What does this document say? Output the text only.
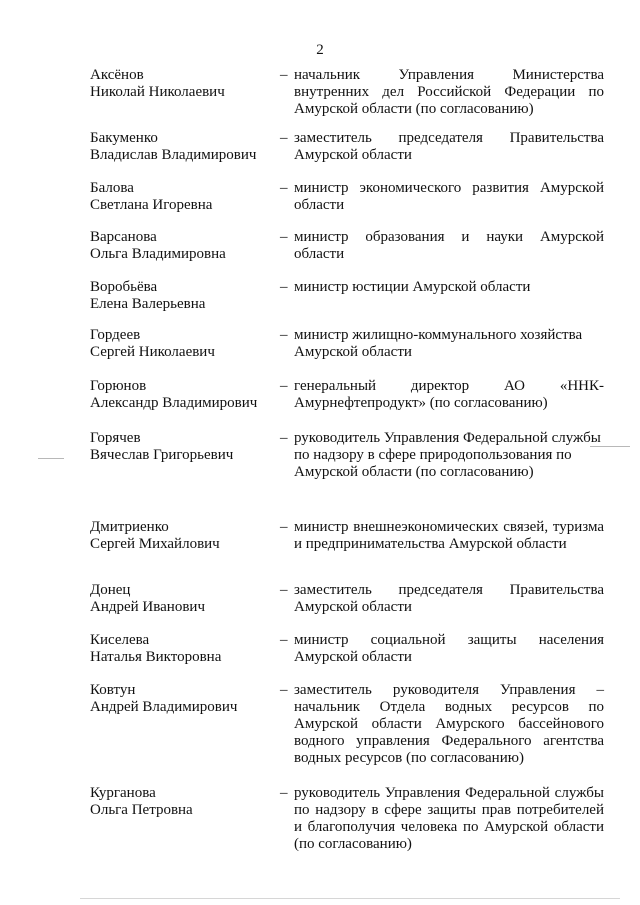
2
Аксёнов
Николай Николаевич
– начальник Управления Министерства внутренних дел Российской Федерации по Амурской области (по согласованию)
Бакуменко
Владислав Владимирович
– заместитель председателя Правительства Амурской области
Балова
Светлана Игоревна
– министр экономического развития Амурской области
Варсанова
Ольга Владимировна
– министр образования и науки Амурской области
Воробьёва
Елена Валерьевна
– министр юстиции Амурской области
Гордеев
Сергей Николаевич
– министр жилищно-коммунального хозяйства Амурской области
Горюнов
Александр Владимирович
– генеральный директор АО «ННК-Амурнефтепродукт» (по согласованию)
Горячев
Вячеслав Григорьевич
– руководитель Управления Федеральной службы по надзору в сфере природопользования по Амурской области (по согласованию)
Дмитриенко
Сергей Михайлович
– министр внешнеэкономических связей, туризма и предпринимательства Амурской области
Донец
Андрей Иванович
– заместитель председателя Правительства Амурской области
Киселева
Наталья Викторовна
– министр социальной защиты населения Амурской области
Ковтун
Андрей Владимирович
– заместитель руководителя Управления – начальник Отдела водных ресурсов по Амурской области Амурского бассейнового водного управления Федерального агентства водных ресурсов (по согласованию)
Курганова
Ольга Петровна
– руководитель Управления Федеральной службы по надзору в сфере защиты прав потребителей и благополучия человека по Амурской области (по согласованию)
